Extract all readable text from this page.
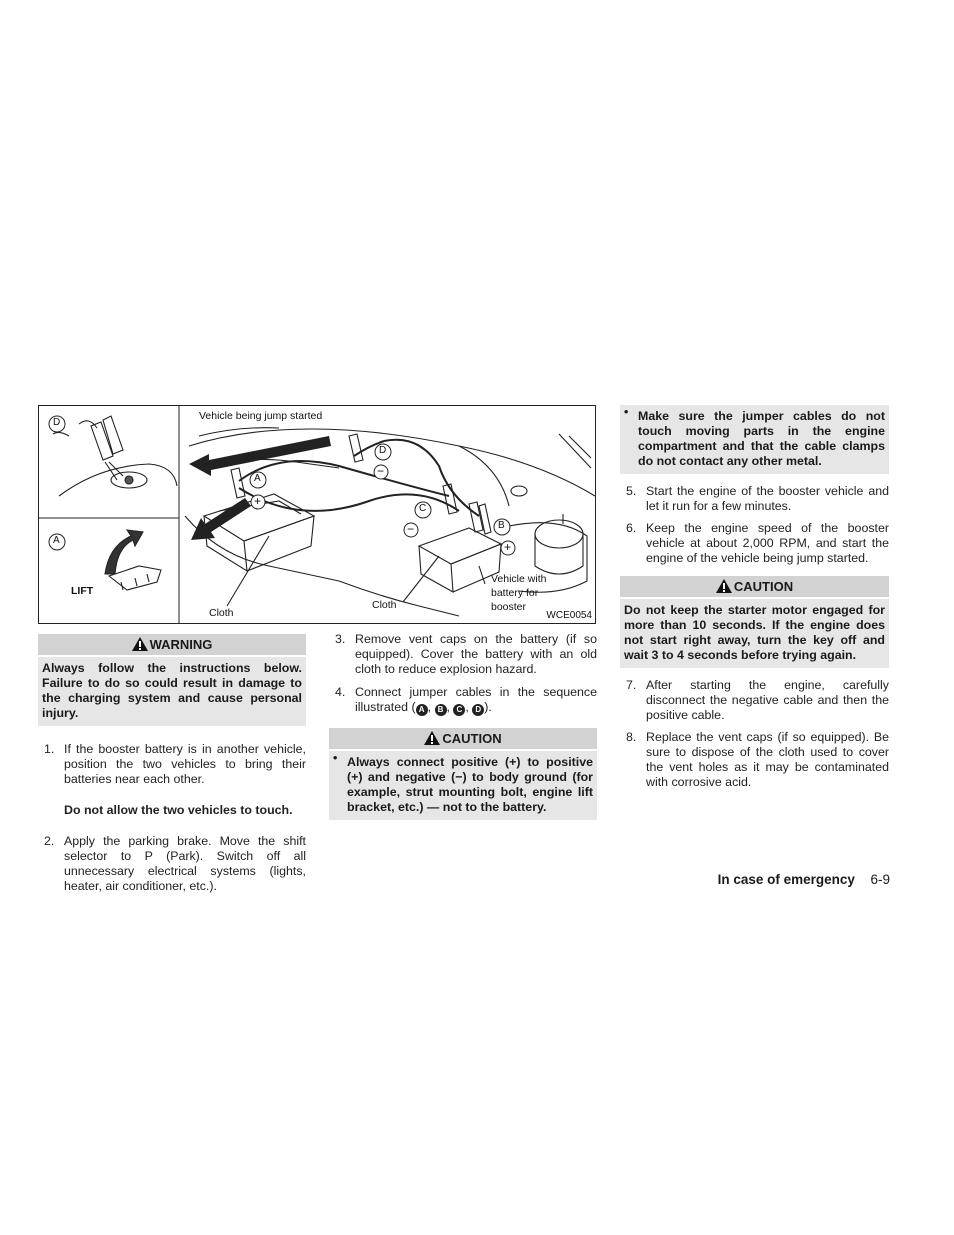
D
A
LIFT
Vehicle being jump started
Cloth
Cloth
Vehicle with battery for booster
A
D
C
B
+
−
−
+
WCE0054
WARNING
Always follow the instructions below. Failure to do so could result in damage to the charging system and cause personal injury.
1. If the booster battery is in another vehicle, position the two vehicles to bring their batteries near each other.
Do not allow the two vehicles to touch.
2. Apply the parking brake. Move the shift selector to P (Park). Switch off all unnecessary electrical systems (lights, heater, air conditioner, etc.).
3. Remove vent caps on the battery (if so equipped). Cover the battery with an old cloth to reduce explosion hazard.
4. Connect jumper cables in the sequence illustrated ( A , B , C , D ).
CAUTION
• Always connect positive (+) to positive (+) and negative (−) to body ground (for example, strut mounting bolt, engine lift bracket, etc.) — not to the battery.
• Make sure the jumper cables do not touch moving parts in the engine compartment and that the cable clamps do not contact any other metal.
5. Start the engine of the booster vehicle and let it run for a few minutes.
6. Keep the engine speed of the booster vehicle at about 2,000 RPM, and start the engine of the vehicle being jump started.
CAUTION
Do not keep the starter motor engaged for more than 10 seconds. If the engine does not start right away, turn the key off and wait 3 to 4 seconds before trying again.
7. After starting the engine, carefully disconnect the negative cable and then the positive cable.
8. Replace the vent caps (if so equipped). Be sure to dispose of the cloth used to cover the vent holes as it may be contaminated with corrosive acid.
In case of emergency 6-9
